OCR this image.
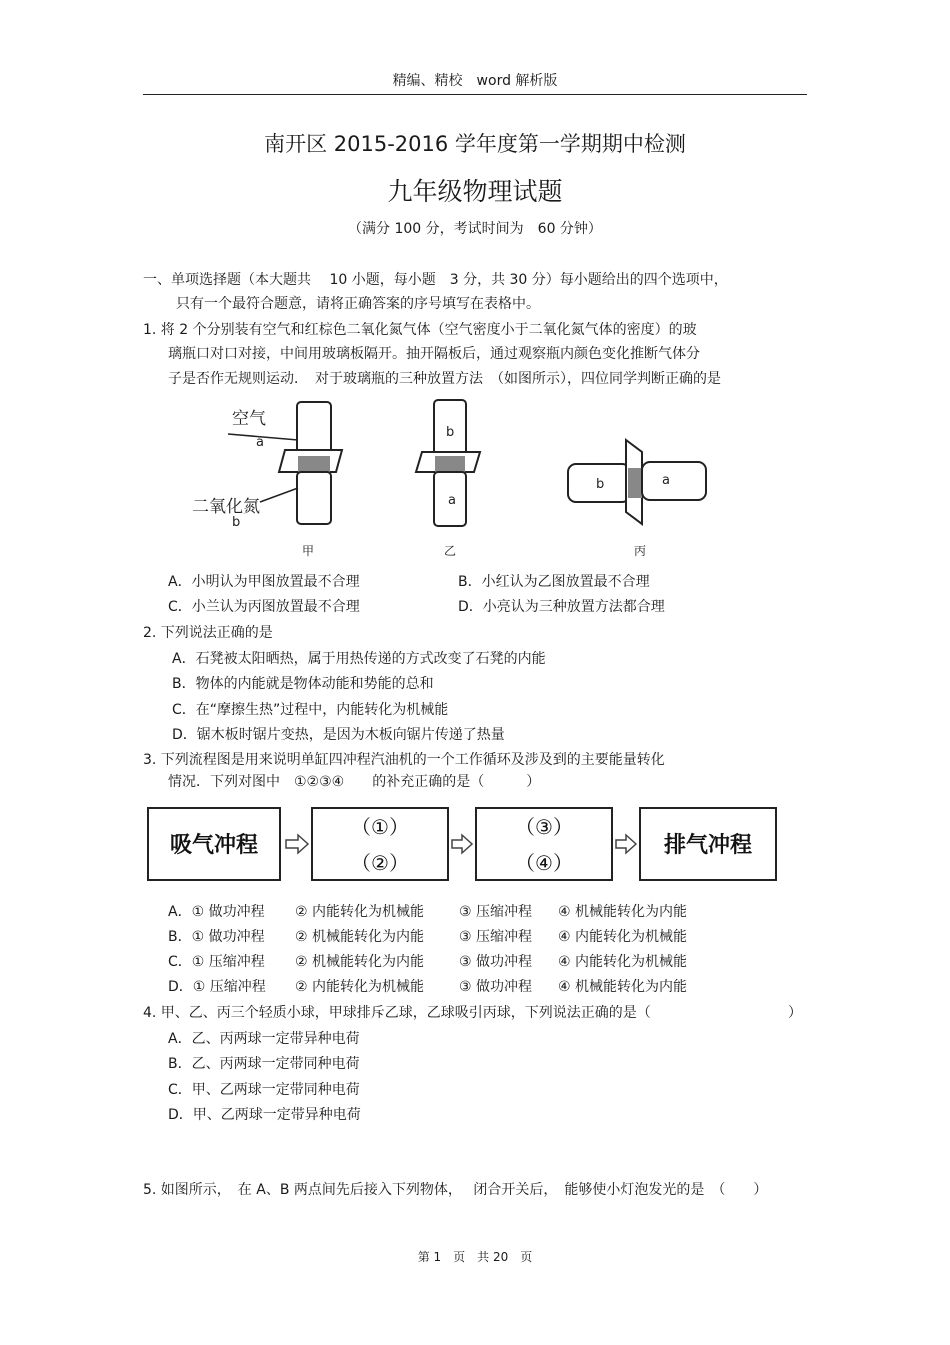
精编、精校　word 解析版
南开区 2015-2016 学年度第一学期期中检测
九年级物理试题
（满分 100 分，考试时间为　60 分钟）
一、单项选择题（本大题共　 10 小题，每小题　3 分，共 30 分）每小题给出的四个选项中，
只有一个最符合题意，请将正确答案的序号填写在表格中。
1. 将 2 个分别装有空气和红棕色二氧化氮气体（空气密度小于二氧化氮气体的密度）的玻
璃瓶口对口对接，中间用玻璃板隔开。抽开隔板后，通过观察瓶内颜色变化推断气体分
子是否作无规则运动．　对于玻璃瓶的三种放置方法　（如图所示），四位同学判断正确的是
空气
a
二氧化氮
b
甲
b
a
乙
b	a
丙
A．小明认为甲图放置最不合理	B．小红认为乙图放置最不合理
C．小兰认为丙图放置最不合理	D．小亮认为三种放置方法都合理
2. 下列说法正确的是
A．石凳被太阳晒热，属于用热传递的方式改变了石凳的内能
B．物体的内能就是物体动能和势能的总和
C．在“摩擦生热”过程中，内能转化为机械能
D．锯木板时锯片变热，是因为木板向锯片传递了热量
3. 下列流程图是用来说明单缸四冲程汽油机的一个工作循环及涉及到的主要能量转化
情况．下列对图中　①②③④　　的补充正确的是（　　　）
吸气冲程
（①）
（②）
（③）
（④）
排气冲程
A．① 做功冲程 ② 内能转化为机械能 ③ 压缩冲程 ④ 机械能转化为内能
B．① 做功冲程 ② 机械能转化为内能 ③ 压缩冲程 ④ 内能转化为机械能
C．① 压缩冲程 ② 机械能转化为内能 ③ 做功冲程 ④ 内能转化为机械能
D．① 压缩冲程 ② 内能转化为机械能 ③ 做功冲程 ④ 机械能转化为内能
4. 甲、乙、丙三个轻质小球，甲球排斥乙球，乙球吸引丙球，下列说法正确的是（	）
A．乙、丙两球一定带异种电荷
B．乙、丙两球一定带同种电荷
C．甲、乙两球一定带同种电荷
D．甲、乙两球一定带异种电荷
5. 如图所示，　在 A、B 两点间先后接入下列物体，　 闭合开关后，　能够使小灯泡发光的是　（　　）
第 1　页　共 20　页
